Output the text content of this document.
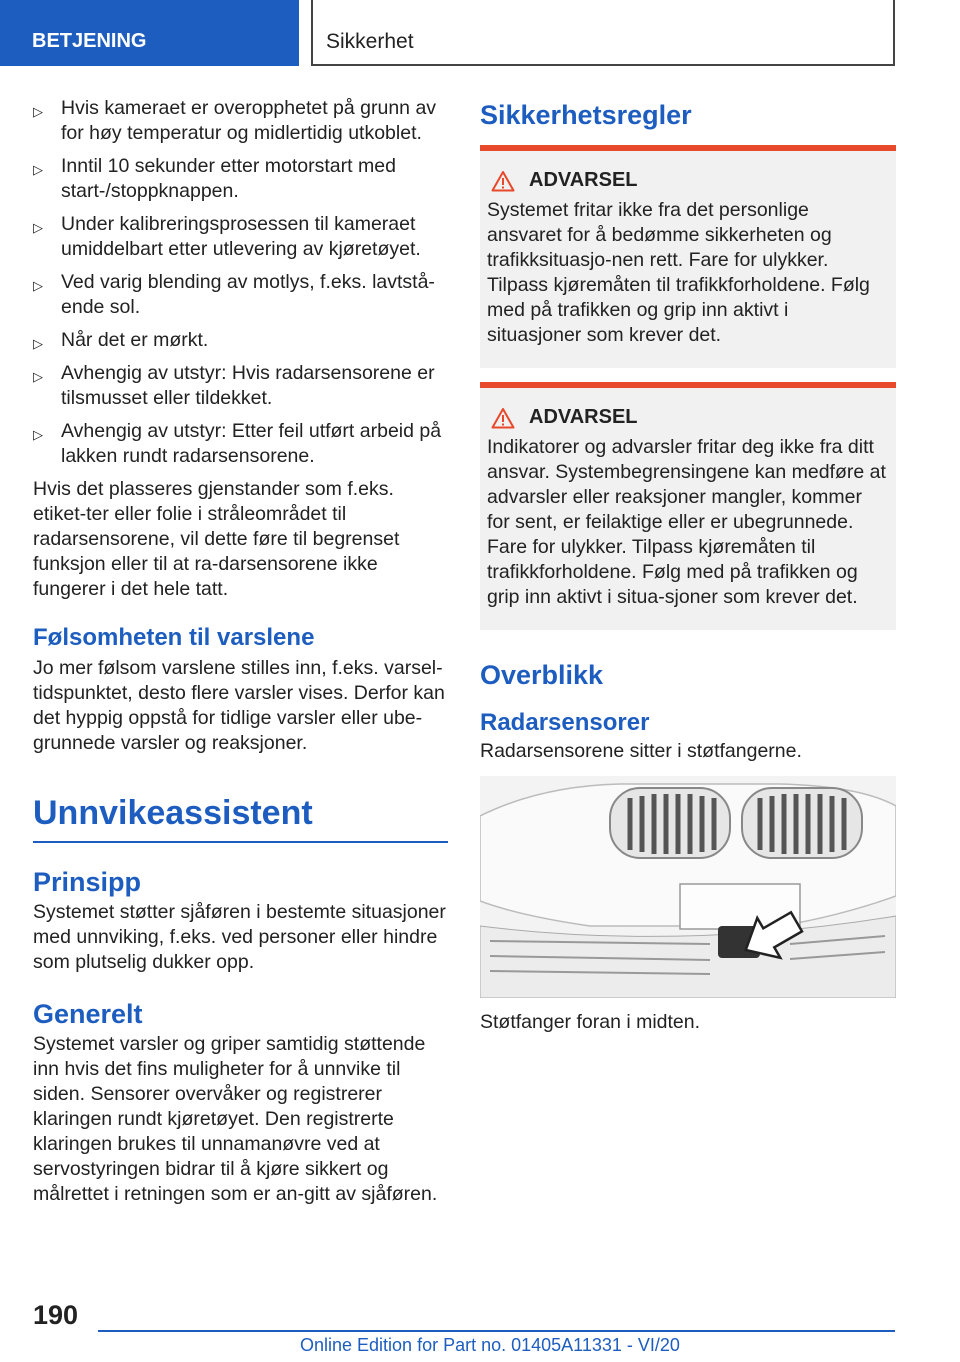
BETJENING	Sikkerhet
▷ Hvis kameraet er overopphetet på grunn av for høy temperatur og midlertidig utkoblet.
▷ Inntil 10 sekunder etter motorstart med start-/stoppknappen.
▷ Under kalibreringsprosessen til kameraet umiddelbart etter utlevering av kjøretøyet.
▷ Ved varig blending av motlys, f.eks. lavtstå-ende sol.
▷ Når det er mørkt.
▷ Avhengig av utstyr: Hvis radarsensorene er tilsmusset eller tildekket.
▷ Avhengig av utstyr: Etter feil utført arbeid på lakken rundt radarsensorene.

Hvis det plasseres gjenstander som f.eks. etiket-ter eller folie i stråleområdet til radarsensorene, vil dette føre til begrenset funksjon eller til at ra-darsensorene ikke fungerer i det hele tatt.

Følsomheten til varslene

Jo mer følsom varslene stilles inn, f.eks. varsel-tidspunktet, desto flere varsler vises. Derfor kan det hyppig oppstå for tidlige varsler eller ube-grunnede varsler og reaksjoner.

Unnvikeassistent
Prinsipp

Systemet støtter sjåføren i bestemte situasjoner med unnviking, f.eks. ved personer eller hindre som plutselig dukker opp.

Generelt

Systemet varsler og griper samtidig støttende inn hvis det fins muligheter for å unnvike til siden. Sensorer overvåker og registrerer klaringen rundt kjøretøyet. Den registrerte klaringen brukes til unnamanøvre ved at servostyringen bidrar til å kjøre sikkert og målrettet i retningen som er an-gitt av sjåføren.

Sikkerhetsregler
ADVARSEL

Systemet fritar ikke fra det personlige ansvaret for å bedømme sikkerheten og trafikksituasjo-nen rett. Fare for ulykker. Tilpass kjøremåten til trafikkforholdene. Følg med på trafikken og grip inn aktivt i situasjoner som krever det.

ADVARSEL

Indikatorer og advarsler fritar deg ikke fra ditt ansvar. Systembegrensingene kan medføre at advarsler eller reaksjoner mangler, kommer for sent, er feilaktige eller er ubegrunnede. Fare for ulykker. Tilpass kjøremåten til trafikkforholdene. Følg med på trafikken og grip inn aktivt i situa-sjoner som krever det.

Overblikk
Radarsensorer

Radarsensorene sitter i støtfangerne.

Støtfanger foran i midten.

190
Online Edition for Part no. 01405A11331 - VI/20
